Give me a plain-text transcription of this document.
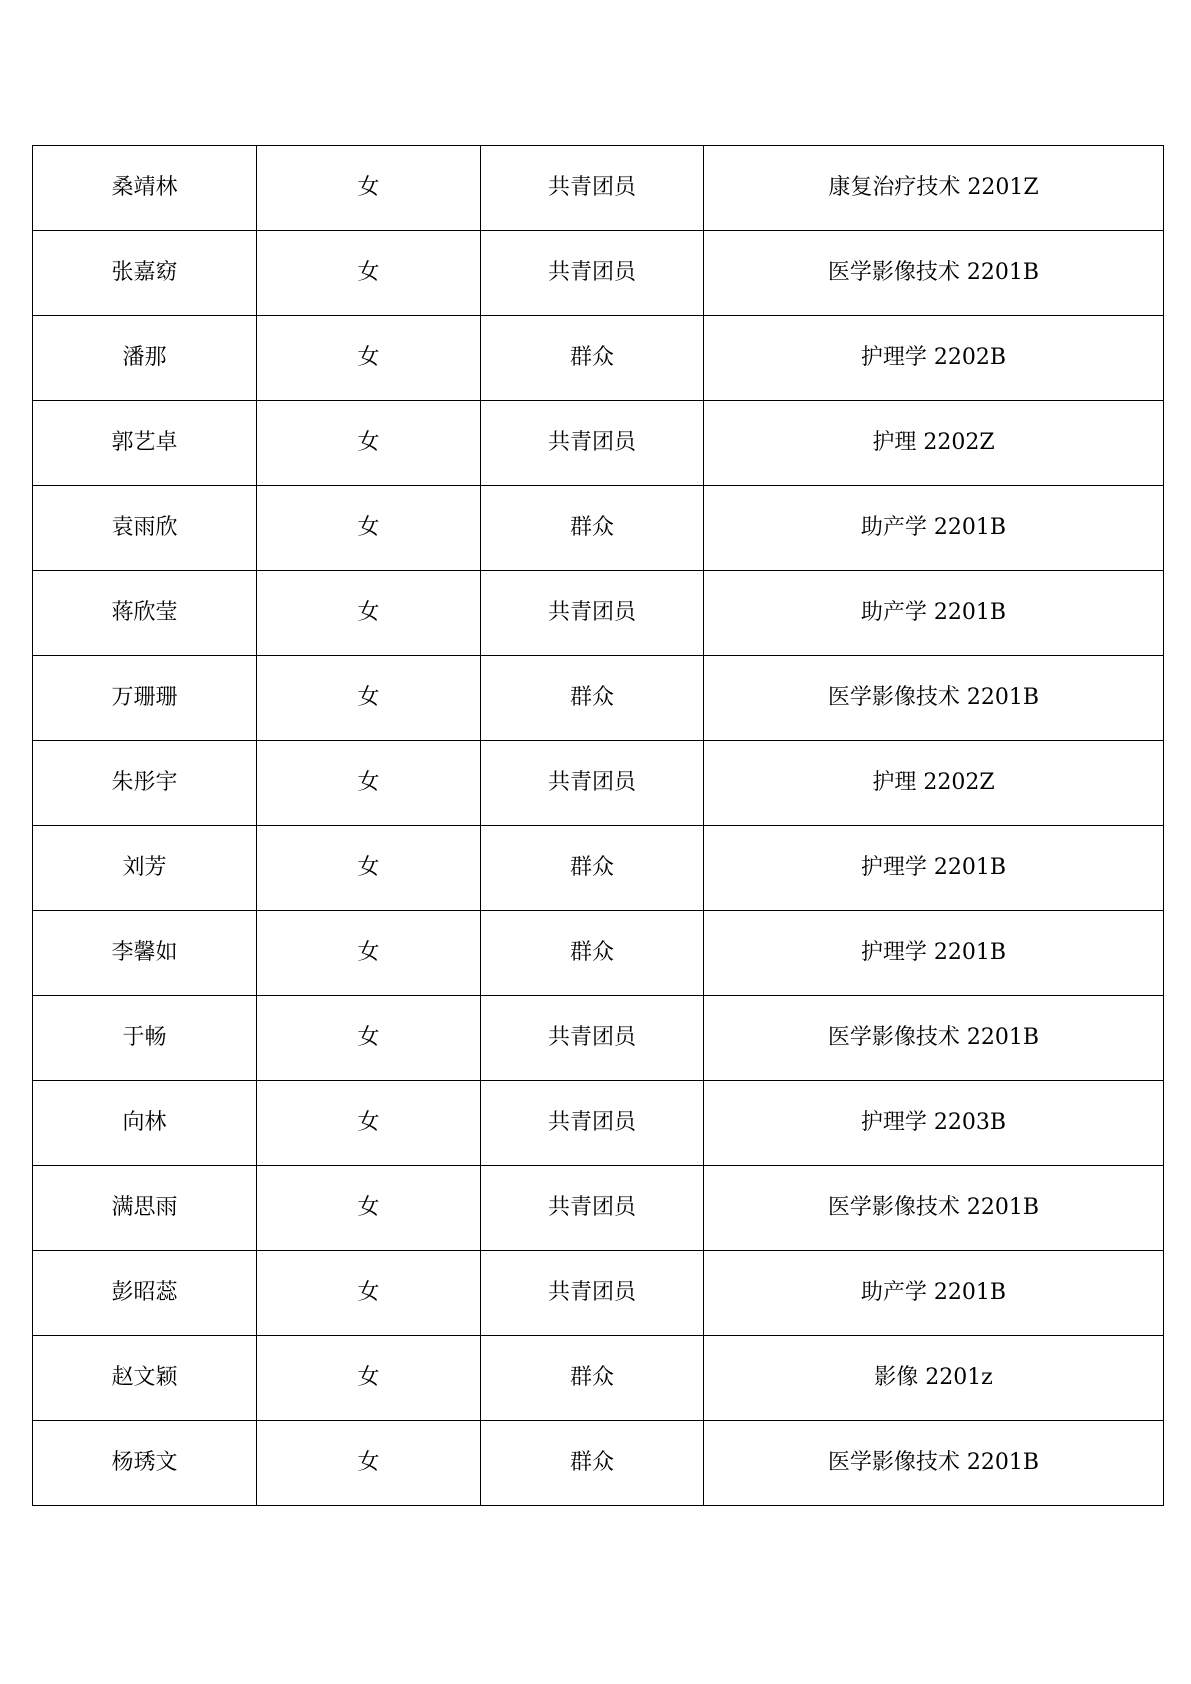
桑靖林	女	共青团员	康复治疗技术 2201Z
张嘉窈	女	共青团员	医学影像技术 2201B
潘那	女	群众	护理学 2202B
郭艺卓	女	共青团员	护理 2202Z
袁雨欣	女	群众	助产学 2201B
蒋欣莹	女	共青团员	助产学 2201B
万珊珊	女	群众	医学影像技术 2201B
朱彤宇	女	共青团员	护理 2202Z
刘芳	女	群众	护理学 2201B
李馨如	女	群众	护理学 2201B
于畅	女	共青团员	医学影像技术 2201B
向林	女	共青团员	护理学 2203B
满思雨	女	共青团员	医学影像技术 2201B
彭昭蕊	女	共青团员	助产学 2201B
赵文颖	女	群众	影像 2201z
杨琇文	女	群众	医学影像技术 2201B
